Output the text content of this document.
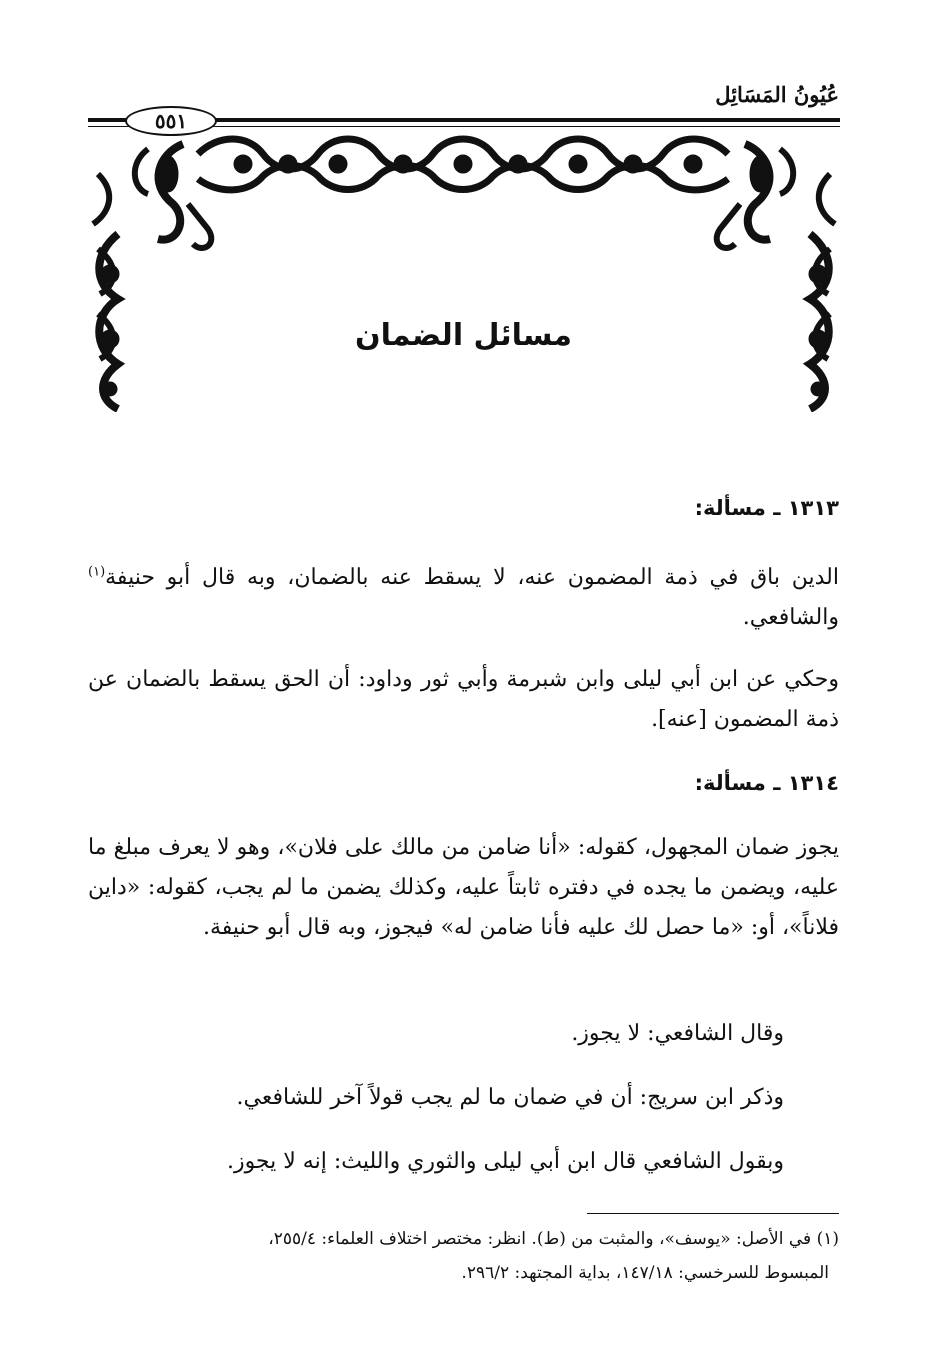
عُيُونُ المَسَائِل
٥٥١
مسائل الضمان
١٣١٣ ـ مسألة:
الدين باق في ذمة المضمون عنه، لا يسقط عنه بالضمان، وبه قال أبو حنيفة$^{(١)}$ والشافعي.
وحكي عن ابن أبي ليلى وابن شبرمة وأبي ثور وداود: أن الحق يسقط بالضمان عن ذمة المضمون [عنه].
١٣١٤ ـ مسألة:
يجوز ضمان المجهول، كقوله: «أنا ضامن من مالك على فلان»، وهو لا يعرف مبلغ ما عليه، ويضمن ما يجده في دفتره ثابتاً عليه، وكذلك يضمن ما لم يجب، كقوله: «داين فلاناً»، أو: «ما حصل لك عليه فأنا ضامن له» فيجوز، وبه قال أبو حنيفة.
وقال الشافعي: لا يجوز.
وذكر ابن سريج: أن في ضمان ما لم يجب قولاً آخر للشافعي.
وبقول الشافعي قال ابن أبي ليلى والثوري والليث: إنه لا يجوز.
(١) في الأصل: «يوسف»، والمثبت من (ط). انظر: مختصر اختلاف العلماء: ٢٥٥/٤،
المبسوط للسرخسي: ١٤٧/١٨، بداية المجتهد: ٢٩٦/٢.
